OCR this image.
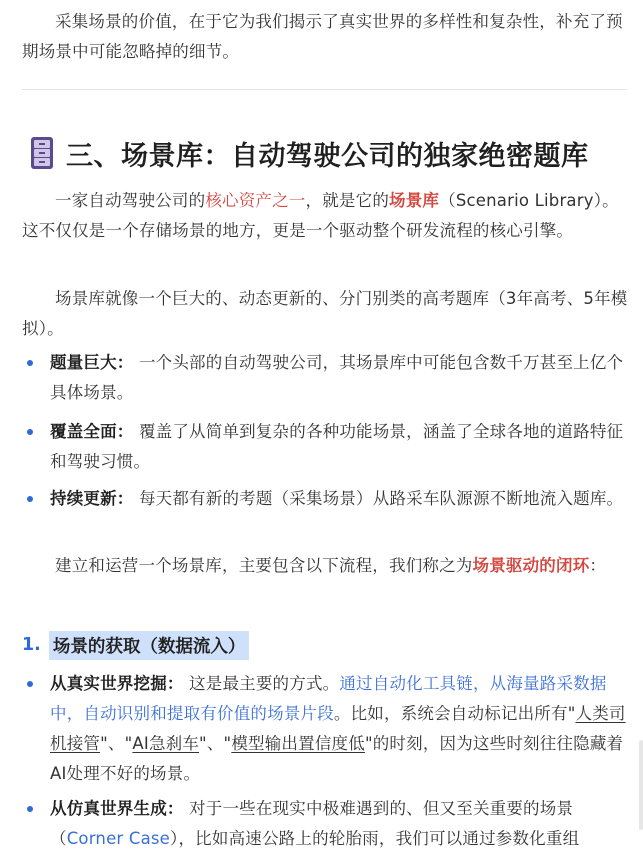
采集场景的价值，在于它为我们揭示了真实世界的多样性和复杂性，补充了预期场景中可能忽略掉的细节。

三、场景库：自动驾驶公司的独家绝密题库

一家自动驾驶公司的核心资产之一，就是它的场景库（Scenario Library）。这不仅仅是一个存储场景的地方，更是一个驱动整个研发流程的核心引擎。

场景库就像一个巨大的、动态更新的、分门别类的高考题库（3年高考、5年模拟）。

题量巨大： 一个头部的自动驾驶公司，其场景库中可能包含数千万甚至上亿个具体场景。

覆盖全面： 覆盖了从简单到复杂的各种功能场景，涵盖了全球各地的道路特征和驾驶习惯。

持续更新： 每天都有新的考题（采集场景）从路采车队源源不断地流入题库。

建立和运营一个场景库，主要包含以下流程，我们称之为场景驱动的闭环：

1. 场景的获取（数据流入）

从真实世界挖掘： 这是最主要的方式。通过自动化工具链，从海量路采数据中，自动识别和提取有价值的场景片段。比如，系统会自动标记出所有"人类司机接管"、"AI急刹车"、"模型输出置信度低"的时刻，因为这些时刻往往隐藏着AI处理不好的场景。

从仿真世界生成： 对于一些在现实中极难遇到的、但又至关重要的场景（Corner Case），比如高速公路上的轮胎雨，我们可以通过参数化重组
